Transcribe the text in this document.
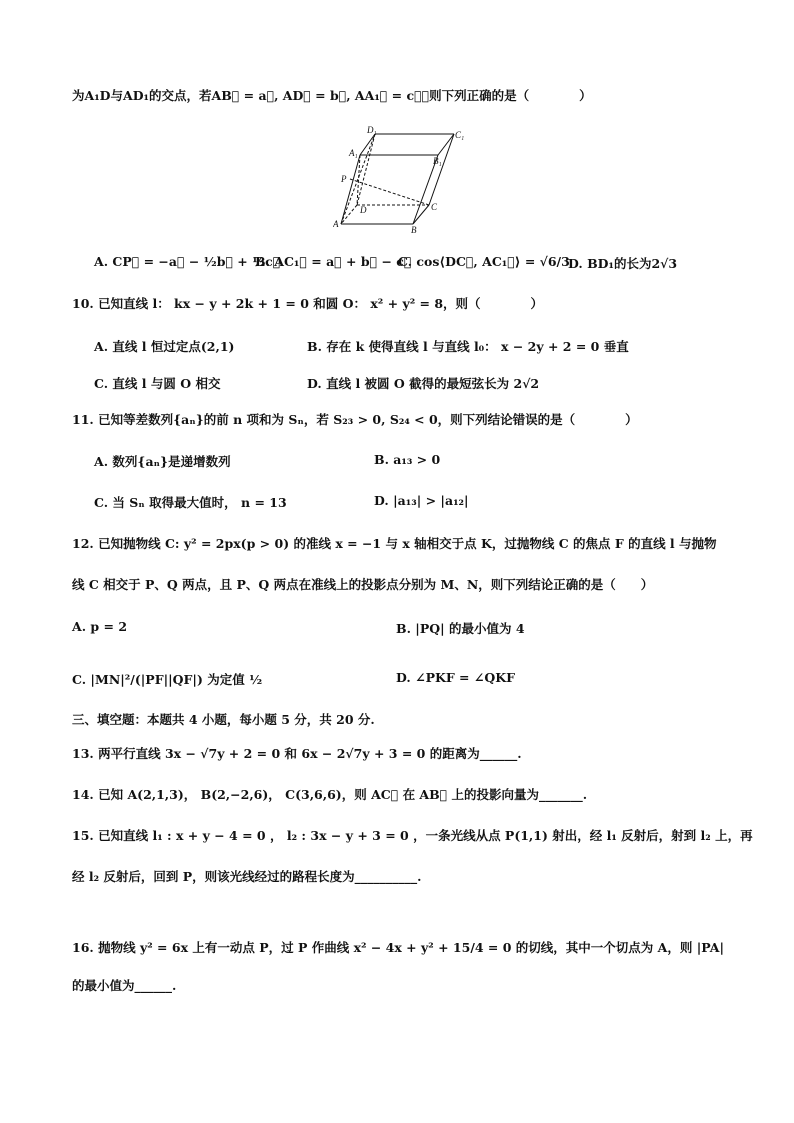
为A₁D与AD₁的交点，若AB⃗ = a⃗, AD⃗ = b⃗, AA₁⃗ = c⃗，则下列正确的是（　　　　）
D₁	C₁
A₁
B₁
P
D	C
A
B
A. CP⃗ = −a⃗ − ½b⃗ + ½c⃗
B. AC₁⃗ = a⃗ + b⃗ − c⃗
C. cos⟨DC⃗, AC₁⃗⟩ = √6/3
D. BD₁的长为2√3
10. 已知直线 l： kx − y + 2k + 1 = 0 和圆 O： x² + y² = 8，则（　　　　）
A. 直线 l 恒过定点(2,1)	B. 存在 k 使得直线 l 与直线 l₀： x − 2y + 2 = 0 垂直
C. 直线 l 与圆 O 相交	D. 直线 l 被圆 O 截得的最短弦长为 2√2
11. 已知等差数列{aₙ}的前 n 项和为 Sₙ，若 S₂₃ > 0, S₂₄ < 0，则下列结论错误的是（　　　　）
A. 数列{aₙ}是递增数列	B. a₁₃ > 0
C. 当 Sₙ 取得最大值时， n = 13	D. |a₁₃| > |a₁₂|
12. 已知抛物线 C: y² = 2px(p > 0) 的准线 x = −1 与 x 轴相交于点 K，过抛物线 C 的焦点 F 的直线 l 与抛物
线 C 相交于 P、Q 两点，且 P、Q 两点在准线上的投影点分别为 M、N，则下列结论正确的是（　　）
A. p = 2	B. |PQ| 的最小值为 4
C. |MN|²/(|PF||QF|) 为定值 ½	D. ∠PKF = ∠QKF
三、填空题：本题共 4 小题，每小题 5 分，共 20 分.
13. 两平行直线 3x − √7y + 2 = 0 和 6x − 2√7y + 3 = 0 的距离为______.
14. 已知 A(2,1,3)， B(2,−2,6)， C(3,6,6)，则 AC⃗ 在 AB⃗ 上的投影向量为_______.
15. 已知直线 l₁ : x + y − 4 = 0 ， l₂ : 3x − y + 3 = 0 ，一条光线从点 P(1,1) 射出，经 l₁ 反射后，射到 l₂ 上，再
经 l₂ 反射后，回到 P，则该光线经过的路程长度为__________.
16. 抛物线 y² = 6x 上有一动点 P，过 P 作曲线 x² − 4x + y² + 15/4 = 0 的切线，其中一个切点为 A，则 |PA|
的最小值为______.
